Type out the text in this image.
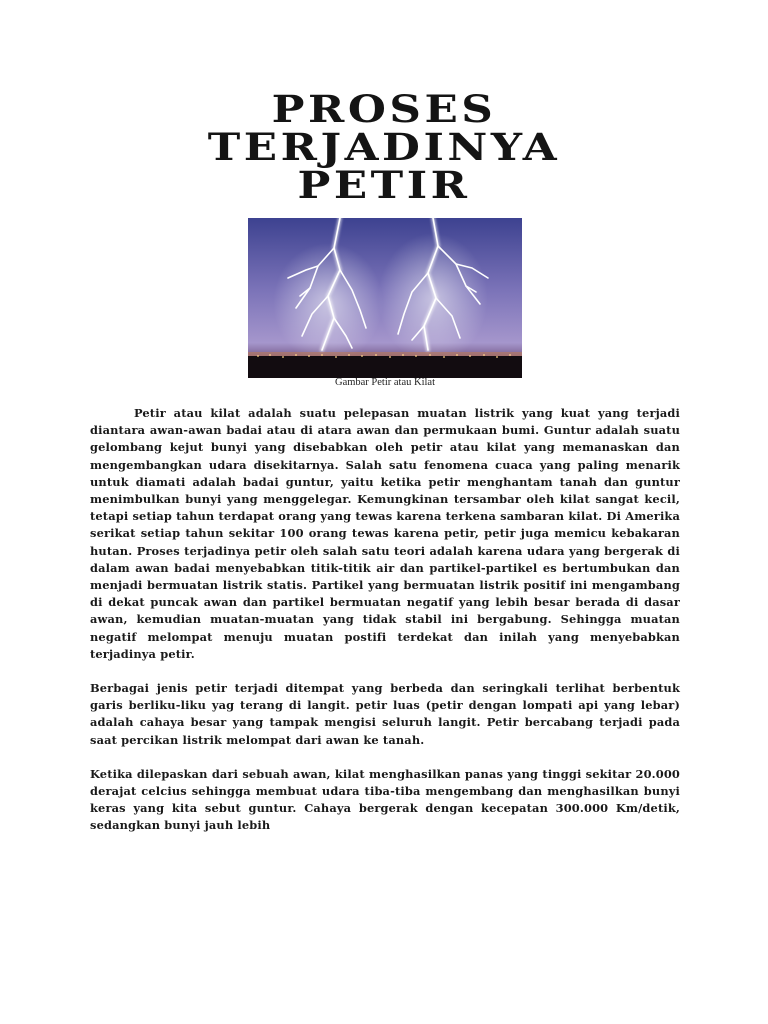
PROSES
TERJADINYA
PETIR
Gambar Petir atau Kilat

Petir atau kilat adalah suatu pelepasan muatan listrik yang kuat yang terjadi diantara awan-awan badai atau di atara awan dan permukaan bumi. Guntur adalah suatu gelombang kejut bunyi yang disebabkan oleh petir atau kilat yang memanaskan dan mengembangkan udara disekitarnya. Salah satu fenomena cuaca yang paling menarik untuk diamati adalah badai guntur, yaitu ketika petir menghantam tanah dan guntur menimbulkan bunyi yang menggelegar. Kemungkinan tersambar oleh kilat sangat kecil, tetapi setiap tahun terdapat orang yang tewas karena terkena sambaran kilat. Di Amerika serikat setiap tahun sekitar 100 orang tewas karena petir, petir juga memicu kebakaran hutan. Proses terjadinya petir oleh salah satu teori adalah karena udara yang bergerak di dalam awan badai menyebabkan titik-titik air dan partikel-partikel es bertumbukan dan menjadi bermuatan listrik statis. Partikel yang bermuatan listrik positif ini mengambang di dekat puncak awan dan partikel bermuatan negatif yang lebih besar berada di dasar awan, kemudian muatan-muatan yang tidak stabil ini bergabung. Sehingga muatan negatif melompat menuju muatan postifi terdekat dan inilah yang menyebabkan terjadinya petir.

Berbagai jenis petir terjadi ditempat yang berbeda dan seringkali terlihat berbentuk garis berliku-liku yag terang di langit. petir luas (petir dengan lompati api yang lebar) adalah cahaya besar yang tampak mengisi seluruh langit. Petir bercabang terjadi pada saat percikan listrik melompat dari awan ke tanah.

Ketika dilepaskan dari sebuah awan, kilat menghasilkan panas yang tinggi sekitar 20.000 derajat celcius sehingga membuat udara tiba-tiba mengembang dan menghasilkan bunyi keras yang kita sebut guntur. Cahaya bergerak dengan kecepatan 300.000 Km/detik, sedangkan bunyi jauh lebih
